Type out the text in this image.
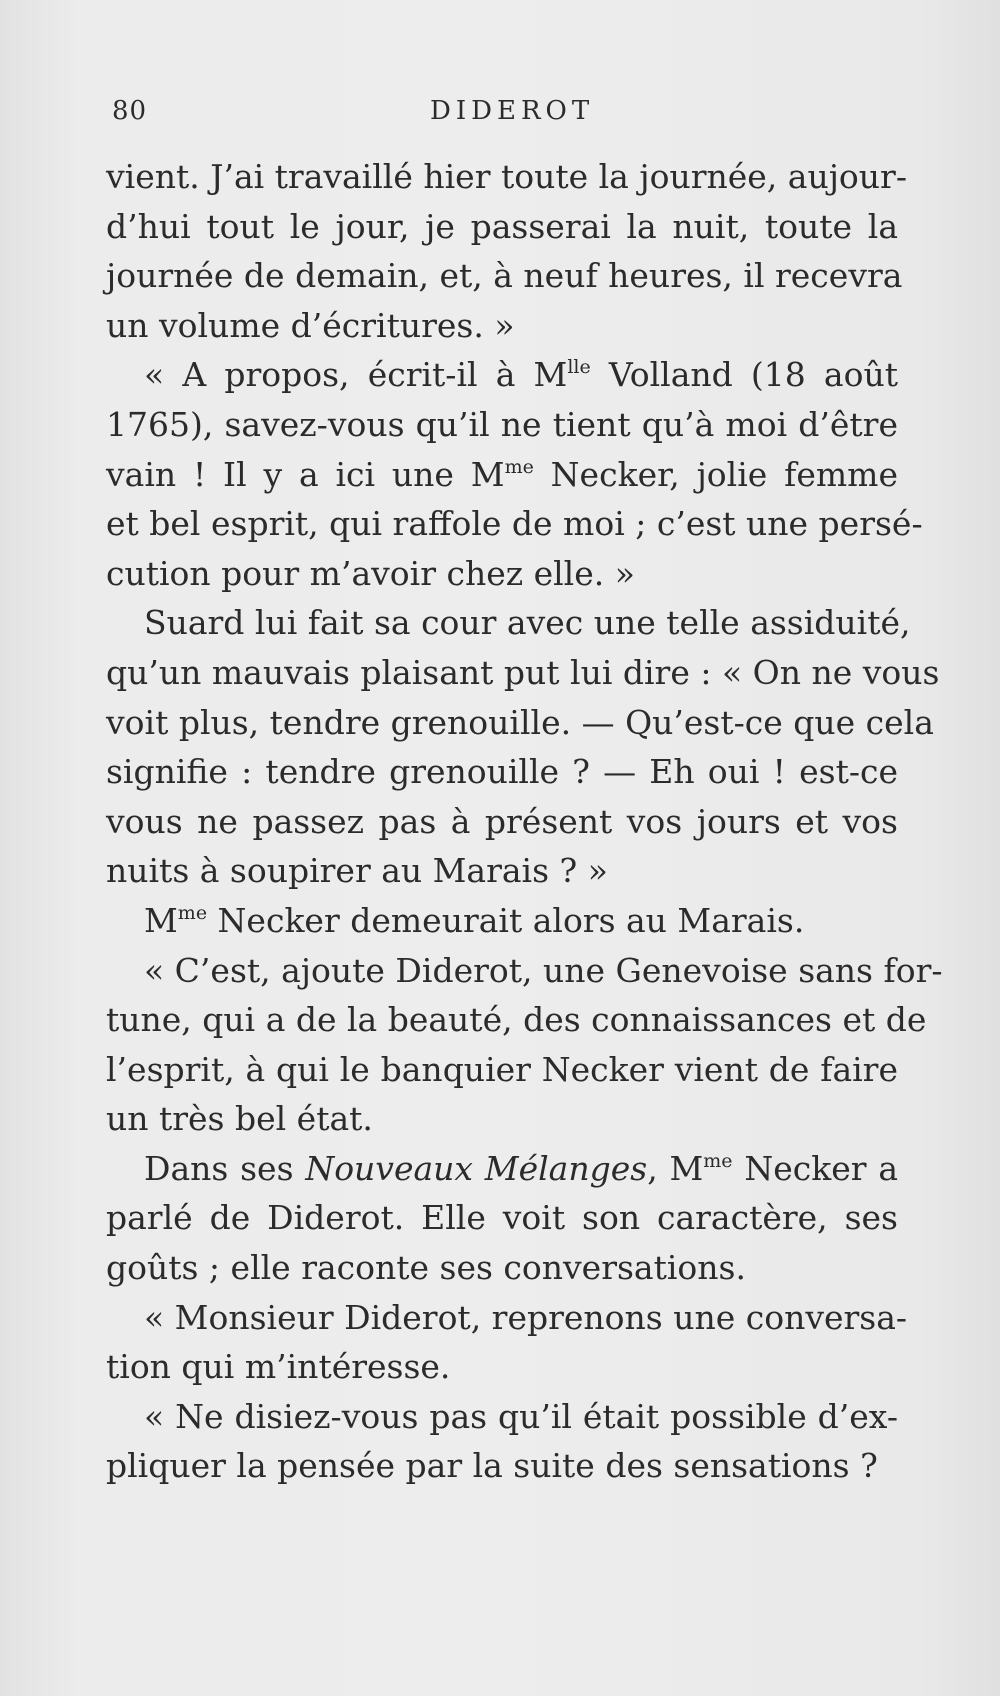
80	DIDEROT
vient. J’ai travaillé hier toute la journée, aujour-
d’hui tout le jour, je passerai la nuit, toute la
journée de demain, et, à neuf heures, il recevra
un volume d’écritures. »
« A propos, écrit-il à $M^{lle}$ Volland (18 août
1765), savez-vous qu’il ne tient qu’à moi d’être
vain ! Il y a ici une $M^{me}$ Necker, jolie femme
et bel esprit, qui raffole de moi ; c’est une persé-
cution pour m’avoir chez elle. »
Suard lui fait sa cour avec une telle assiduité,
qu’un mauvais plaisant put lui dire : « On ne vous
voit plus, tendre grenouille. — Qu’est-ce que cela
signifie : tendre grenouille ? — Eh oui ! est-ce
vous ne passez pas à présent vos jours et vos
nuits à soupirer au Marais ? »
$M^{me}$ Necker demeurait alors au Marais.
« C’est, ajoute Diderot, une Genevoise sans for-
tune, qui a de la beauté, des connaissances et de
l’esprit, à qui le banquier Necker vient de faire
un très bel état.
Dans ses Nouveaux Mélanges, $M^{me}$ Necker a
parlé de Diderot. Elle voit son caractère, ses
goûts ; elle raconte ses conversations.
« Monsieur Diderot, reprenons une conversa-
tion qui m’intéresse.
« Ne disiez-vous pas qu’il était possible d’ex-
pliquer la pensée par la suite des sensations ?
